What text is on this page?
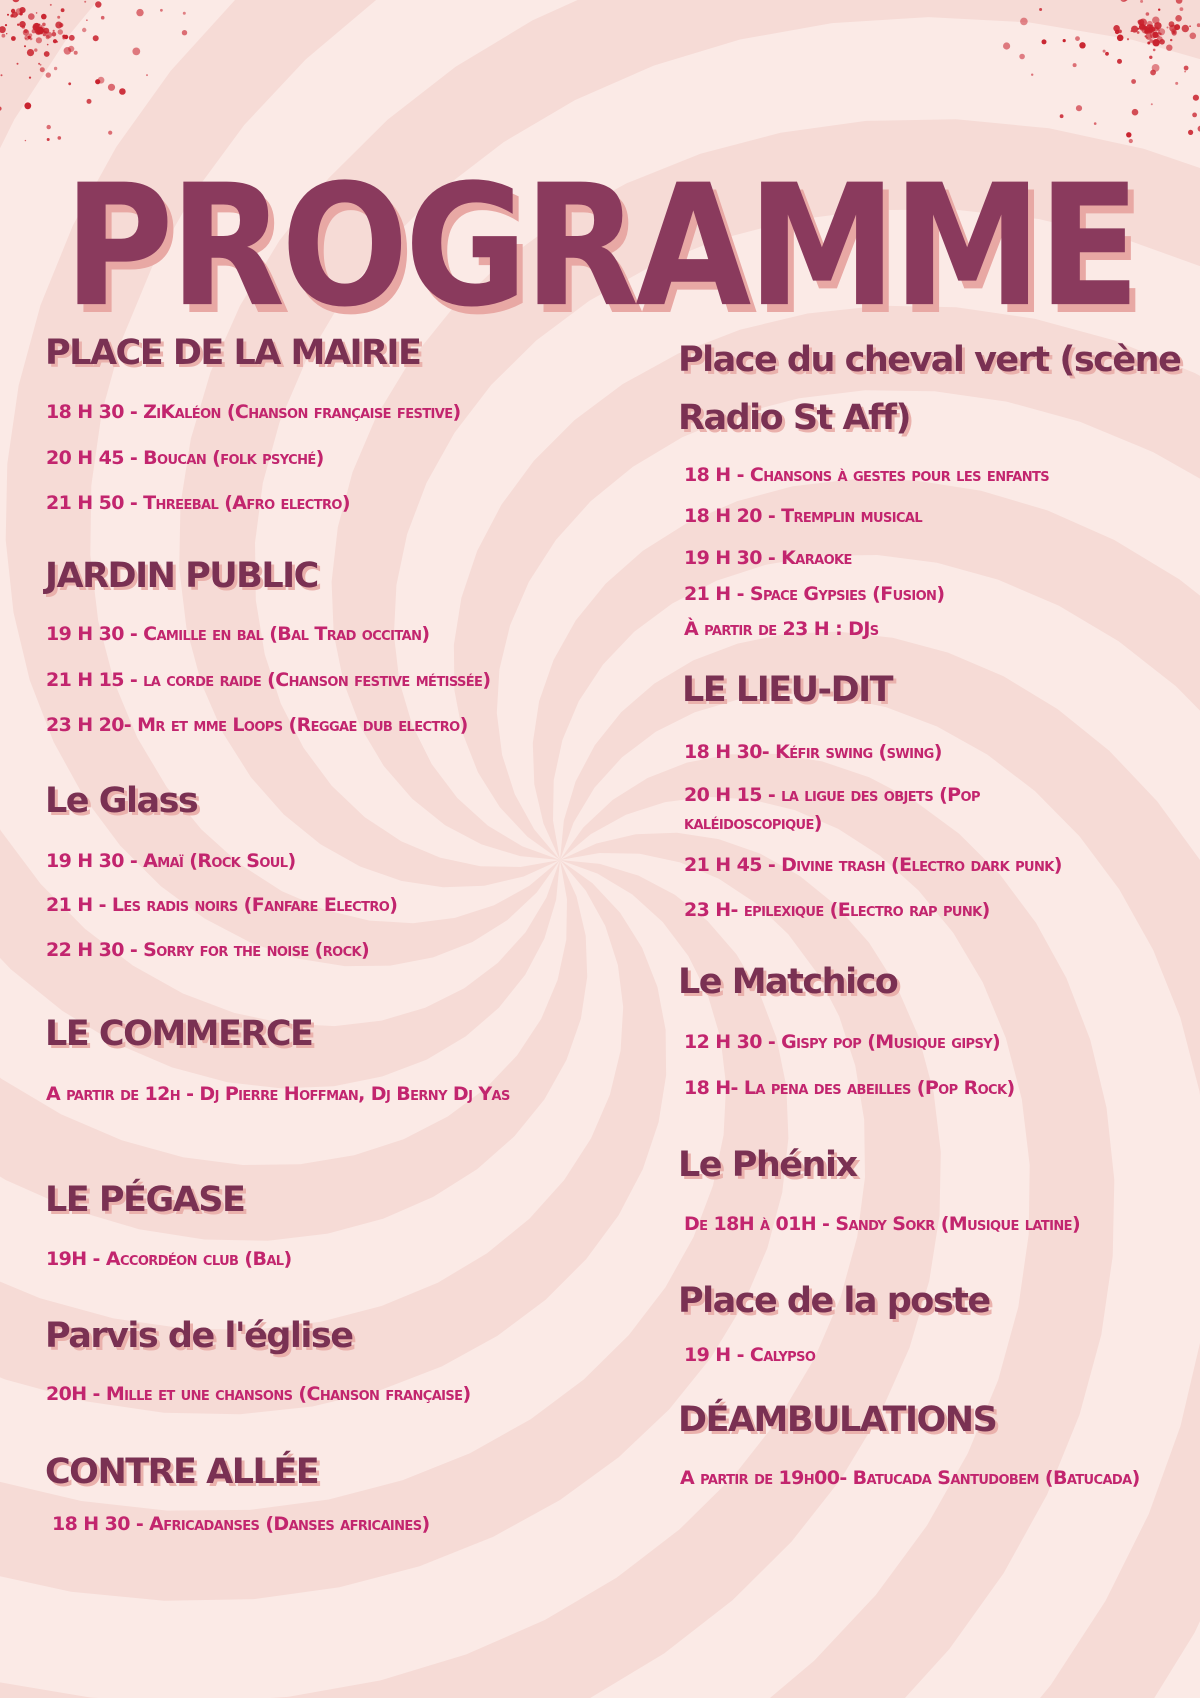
PROGRAMME
PLACE DE LA MAIRIE

18 H 30 - ZiKaléon (Chanson française festive)

20 H 45 - Boucan (folk psyché)

21 H 50 - Threebal (Afro electro)

JARDIN PUBLIC

19 H 30 - Camille en bal (Bal Trad occitan)

21 H 15 - la corde raide (Chanson festive métissée)

23 H 20- Mr et mme Loops (Reggae dub electro)

Le Glass

19 H 30 - Amaï (Rock Soul)

21 H - Les radis noirs (Fanfare Electro)

22 H 30 - Sorry for the noise (rock)

LE COMMERCE

A partir de 12h - Dj Pierre Hoffman, Dj Berny Dj Yas

LE PÉGASE

19H - Accordéon club (Bal)

Parvis de l'église

20H - Mille et une chansons (Chanson française)

CONTRE ALLÉE

18 H 30 - Africadanses (Danses africaines)

Place du cheval vert (scène Radio St Aff)

18 H - Chansons à gestes pour les enfants

18 H 20 - Tremplin musical

19 H 30 - Karaoke

21 H - Space Gypsies (Fusion)

À partir de 23 H : DJs

LE LIEU-DIT

18 H 30- Kéfir swing (swing)

20 H 15 - la ligue des objets (Pop kaléidoscopique)

21 H 45 - Divine trash (Electro dark punk)

23 H- epilexique (Electro rap punk)

Le Matchico

12 H 30 - Gispy pop (Musique gipsy)

18 H- La pena des abeilles (Pop Rock)

Le Phénix

De 18H à 01H - Sandy Sokr (Musique latine)

Place de la poste

19 H - Calypso

DÉAMBULATIONS

A partir de 19h00- Batucada Santudobem (Batucada)
